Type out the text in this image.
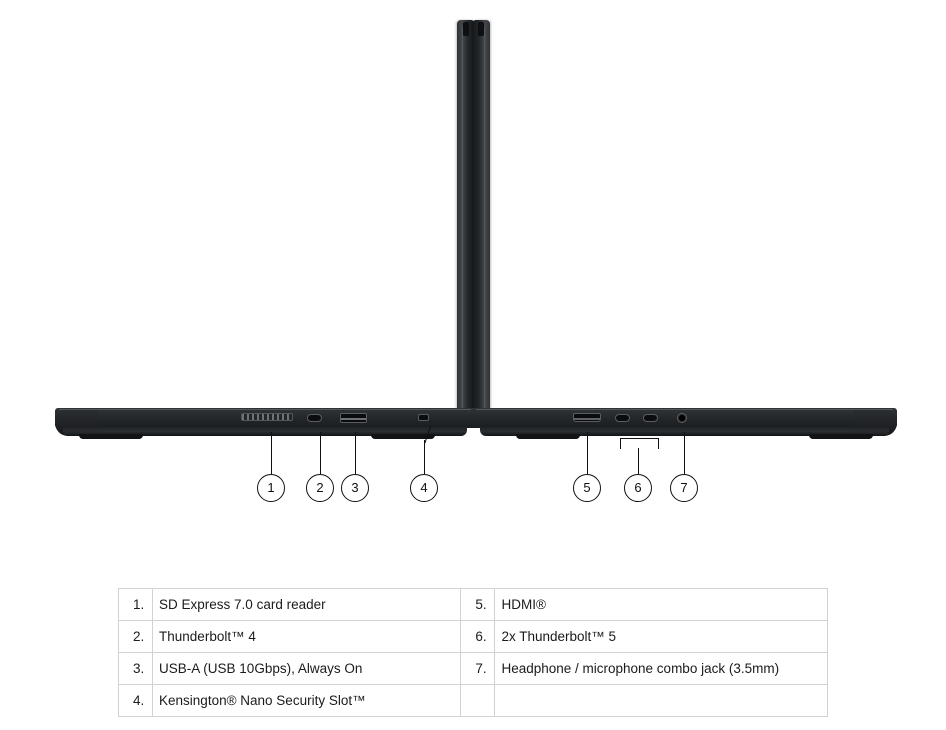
1	2	3	4	5	6	7
1.	SD Express 7.0 card reader	5.	HDMI®
2.	Thunderbolt™ 4	6.	2x Thunderbolt™ 5
3.	USB-A (USB 10Gbps), Always On	7.	Headphone / microphone combo jack (3.5mm)
4.	Kensington® Nano Security Slot™		
